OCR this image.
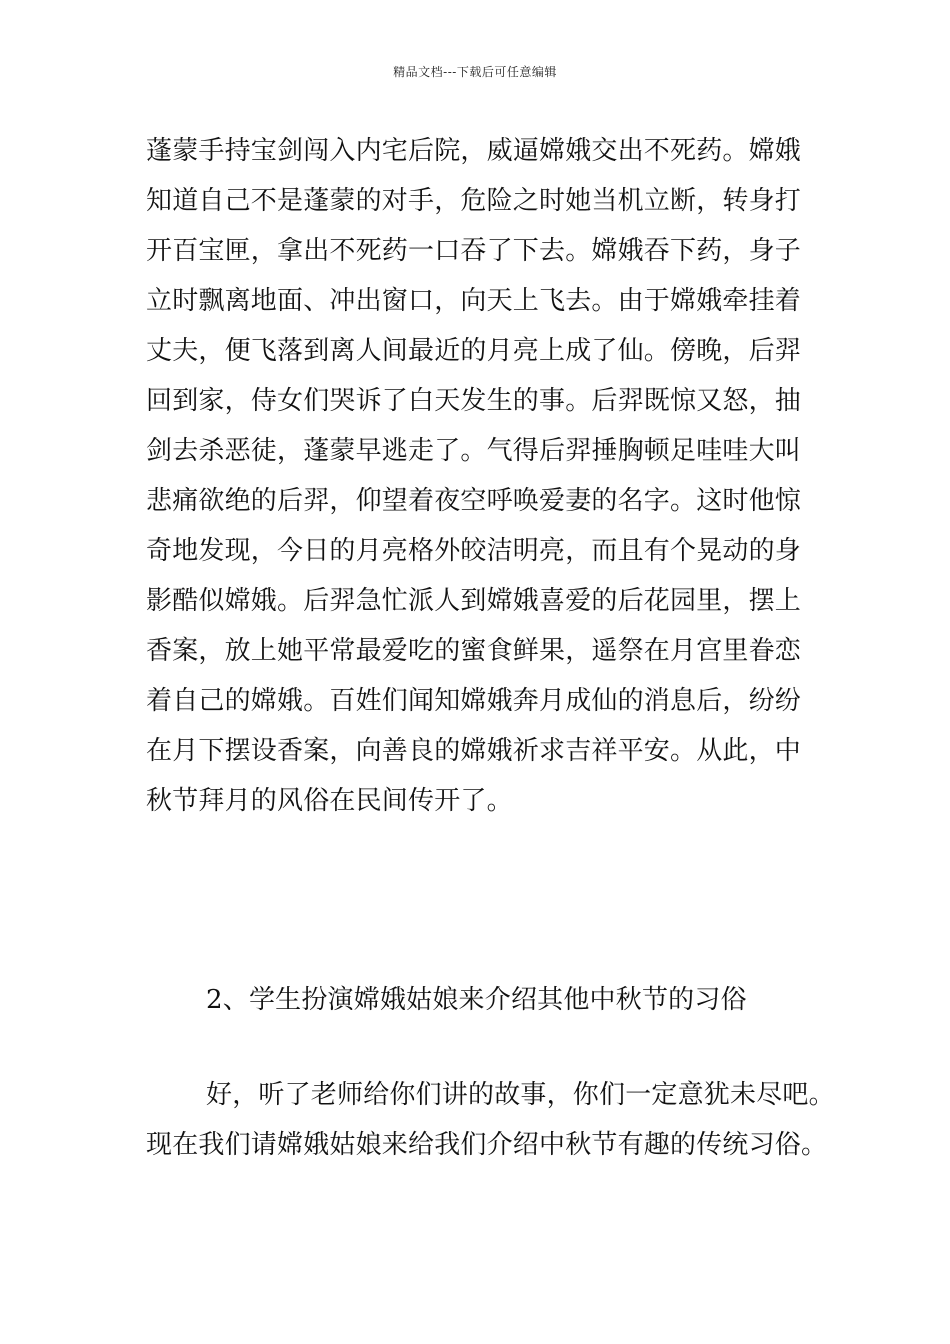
精品文档---下载后可任意编辑
蓬蒙手持宝剑闯入内宅后院，威逼嫦娥交出不死药。嫦娥
知道自己不是蓬蒙的对手，危险之时她当机立断，转身打
开百宝匣，拿出不死药一口吞了下去。嫦娥吞下药，身子
立时飘离地面、冲出窗口，向天上飞去。由于嫦娥牵挂着
丈夫，便飞落到离人间最近的月亮上成了仙。傍晚，后羿
回到家，侍女们哭诉了白天发生的事。后羿既惊又怒，抽
剑去杀恶徒，蓬蒙早逃走了。气得后羿捶胸顿足哇哇大叫
悲痛欲绝的后羿，仰望着夜空呼唤爱妻的名字。这时他惊
奇地发现，今日的月亮格外皎洁明亮，而且有个晃动的身
影酷似嫦娥。后羿急忙派人到嫦娥喜爱的后花园里，摆上
香案，放上她平常最爱吃的蜜食鲜果，遥祭在月宫里眷恋
着自己的嫦娥。百姓们闻知嫦娥奔月成仙的消息后，纷纷
在月下摆设香案，向善良的嫦娥祈求吉祥平安。从此，中
秋节拜月的风俗在民间传开了。
2、学生扮演嫦娥姑娘来介绍其他中秋节的习俗
好，听了老师给你们讲的故事，你们一定意犹未尽吧。
现在我们请嫦娥姑娘来给我们介绍中秋节有趣的传统习俗。
